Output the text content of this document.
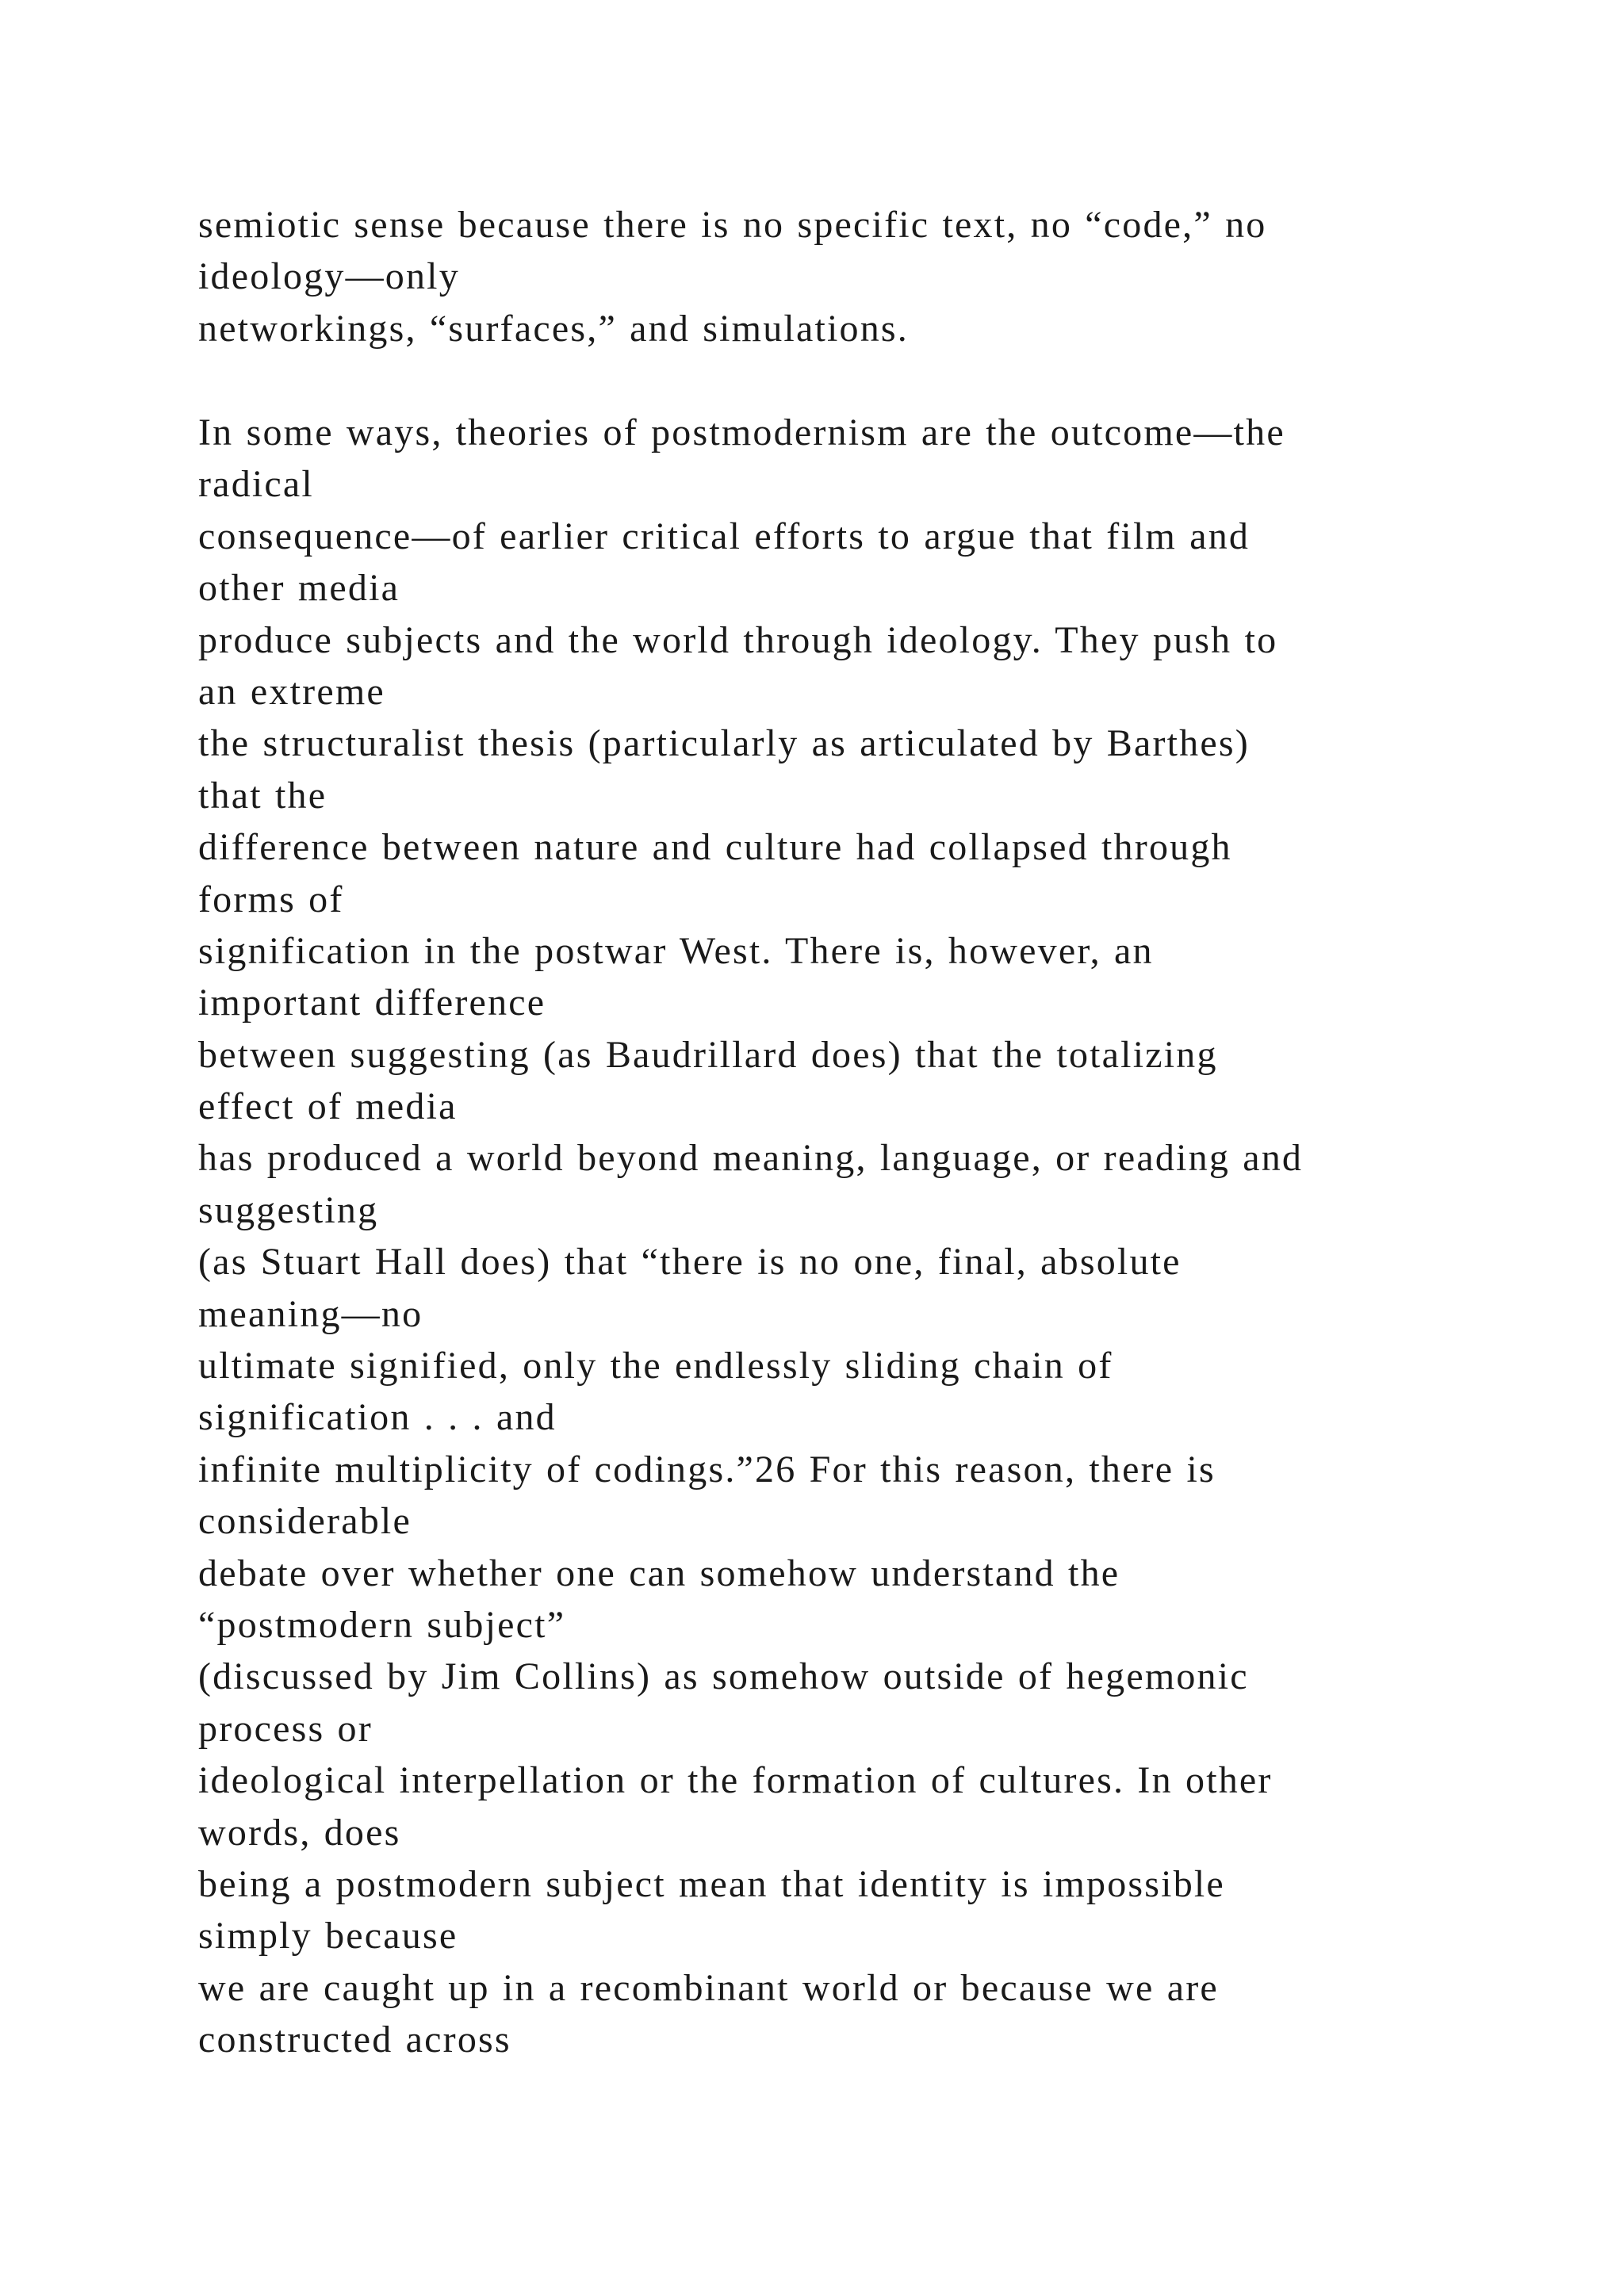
semiotic sense because there is no specific text, no “code,” no
ideology—only
networkings, “surfaces,” and simulations.
In some ways, theories of postmodernism are the outcome—the
radical
consequence—of earlier critical efforts to argue that film and
other media
produce subjects and the world through ideology. They push to
an extreme
the structuralist thesis (particularly as articulated by Barthes)
that the
difference between nature and culture had collapsed through
forms of
signification in the postwar West. There is, however, an
important difference
between suggesting (as Baudrillard does) that the totalizing
effect of media
has produced a world beyond meaning, language, or reading and
suggesting
(as Stuart Hall does) that “there is no one, final, absolute
meaning—no
ultimate signified, only the endlessly sliding chain of
signification . . . and
infinite multiplicity of codings.”26 For this reason, there is
considerable
debate over whether one can somehow understand the
“postmodern subject”
(discussed by Jim Collins) as somehow outside of hegemonic
process or
ideological interpellation or the formation of cultures. In other
words, does
being a postmodern subject mean that identity is impossible
simply because
we are caught up in a recombinant world or because we are
constructed across
